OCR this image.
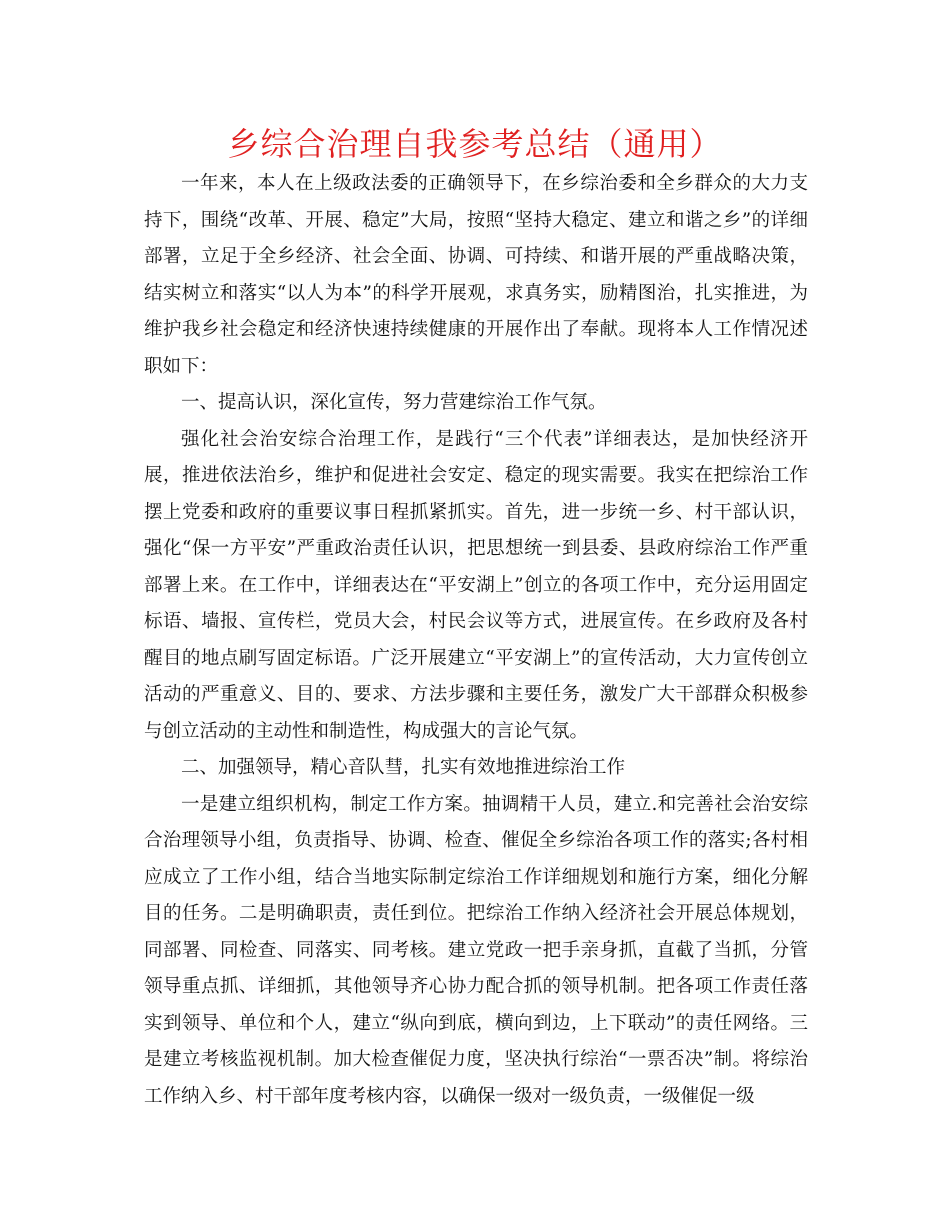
乡综合治理自我参考总结（通用）

一年来，本人在上级政法委的正确领导下，在乡综治委和全乡群众的大力支持下，围绕“改革、开展、稳定”大局，按照“坚持大稳定、建立和谐之乡”的详细部署，立足于全乡经济、社会全面、协调、可持续、和谐开展的严重战略决策，结实树立和落实“以人为本”的科学开展观，求真务实，励精图治，扎实推进，为维护我乡社会稳定和经济快速持续健康的开展作出了奉献。现将本人工作情况述职如下：

一、提高认识，深化宣传，努力营建综治工作气氛。

强化社会治安综合治理工作，是践行“三个代表”详细表达，是加快经济开展，推进依法治乡，维护和促进社会安定、稳定的现实需要。我实在把综治工作摆上党委和政府的重要议事日程抓紧抓实。首先，进一步统一乡、村干部认识，强化“保一方平安”严重政治责任认识，把思想统一到县委、县政府综治工作严重部署上来。在工作中，详细表达在“平安湖上”创立的各项工作中，充分运用固定标语、墙报、宣传栏，党员大会，村民会议等方式，进展宣传。在乡政府及各村醒目的地点刷写固定标语。广泛开展建立“平安湖上”的宣传活动，大力宣传创立活动的严重意义、目的、要求、方法步骤和主要任务，激发广大干部群众积极参与创立活动的主动性和制造性，构成强大的言论气氛。

二、加强领导，精心音队彗，扎实有效地推进综治工作

一是建立组织机构，制定工作方案。抽调精干人员，建立.和完善社会治安综合治理领导小组，负责指导、协调、检查、催促全乡综治各项工作的落实;各村相应成立了工作小组，结合当地实际制定综治工作详细规划和施行方案，细化分解目的任务。二是明确职责，责任到位。把综治工作纳入经济社会开展总体规划，同部署、同检查、同落实、同考核。建立党政一把手亲身抓，直截了当抓，分管领导重点抓、详细抓，其他领导齐心协力配合抓的领导机制。把各项工作责任落实到领导、单位和个人，建立“纵向到底，横向到边，上下联动”的责任网络。三是建立考核监视机制。加大检查催促力度，坚决执行综治“一票否决”制。将综治工作纳入乡、村干部年度考核内容，以确保一级对一级负责，一级催促一级
